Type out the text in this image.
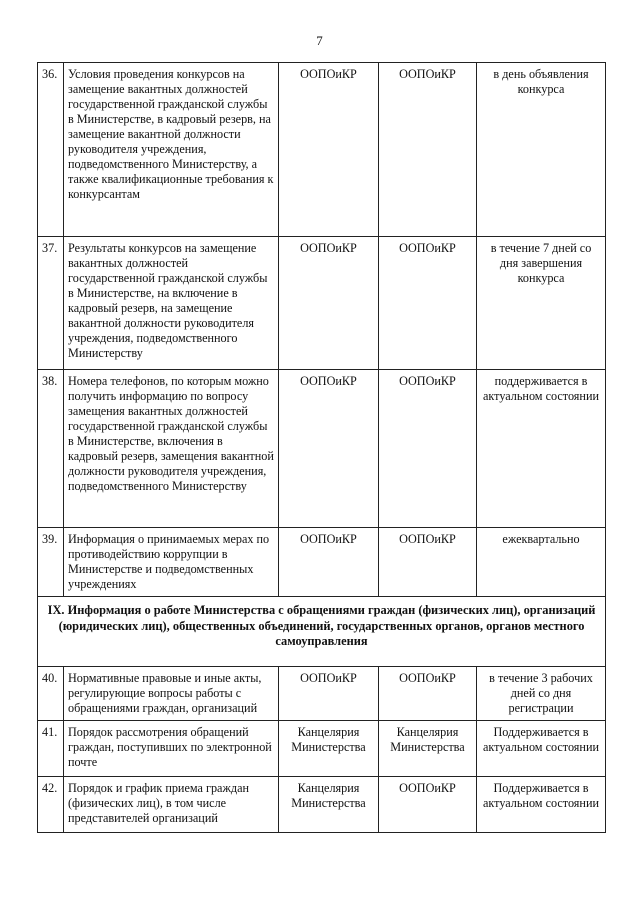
7
36.	Условия проведения конкурсов на замещение вакантных должностей государственной гражданской службы в Министерстве, в кадровый резерв, на замещение вакантной должности руководителя учреждения, подведомственного Министерству, а также квалификационные требования к конкурсантам	ООПОиКР	ООПОиКР	в день объявления конкурса
37.	Результаты конкурсов на замещение вакантных должностей государственной гражданской службы в Министерстве, на включение в кадровый резерв, на замещение вакантной должности руководителя учреждения, подведомственного Министерству	ООПОиКР	ООПОиКР	в течение 7 дней со дня завершения конкурса
38.	Номера телефонов, по которым можно получить информацию по вопросу замещения вакантных должностей государственной гражданской службы в Министерстве, включения в кадровый резерв, замещения вакантной должности руководителя учреждения, подведомственного Министерству	ООПОиКР	ООПОиКР	поддерживается в актуальном состоянии
39.	Информация о принимаемых мерах по противодействию коррупции в Министерстве и подведомственных учреждениях	ООПОиКР	ООПОиКР	ежеквартально
IX. Информация о работе Министерства с обращениями граждан (физических лиц), организаций (юридических лиц), общественных объединений, государственных органов, органов местного самоуправления				
40.	Нормативные правовые и иные акты, регулирующие вопросы работы с обращениями граждан, организаций	ООПОиКР	ООПОиКР	в течение 3 рабочих дней со дня регистрации
41.	Порядок рассмотрения обращений граждан, поступивших по электронной почте	Канцелярия Министерства	Канцелярия Министерства	Поддерживается в актуальном состоянии
42.	Порядок и график приема граждан (физических лиц), в том числе представителей организаций	Канцелярия Министерства	ООПОиКР	Поддерживается в актуальном состоянии
